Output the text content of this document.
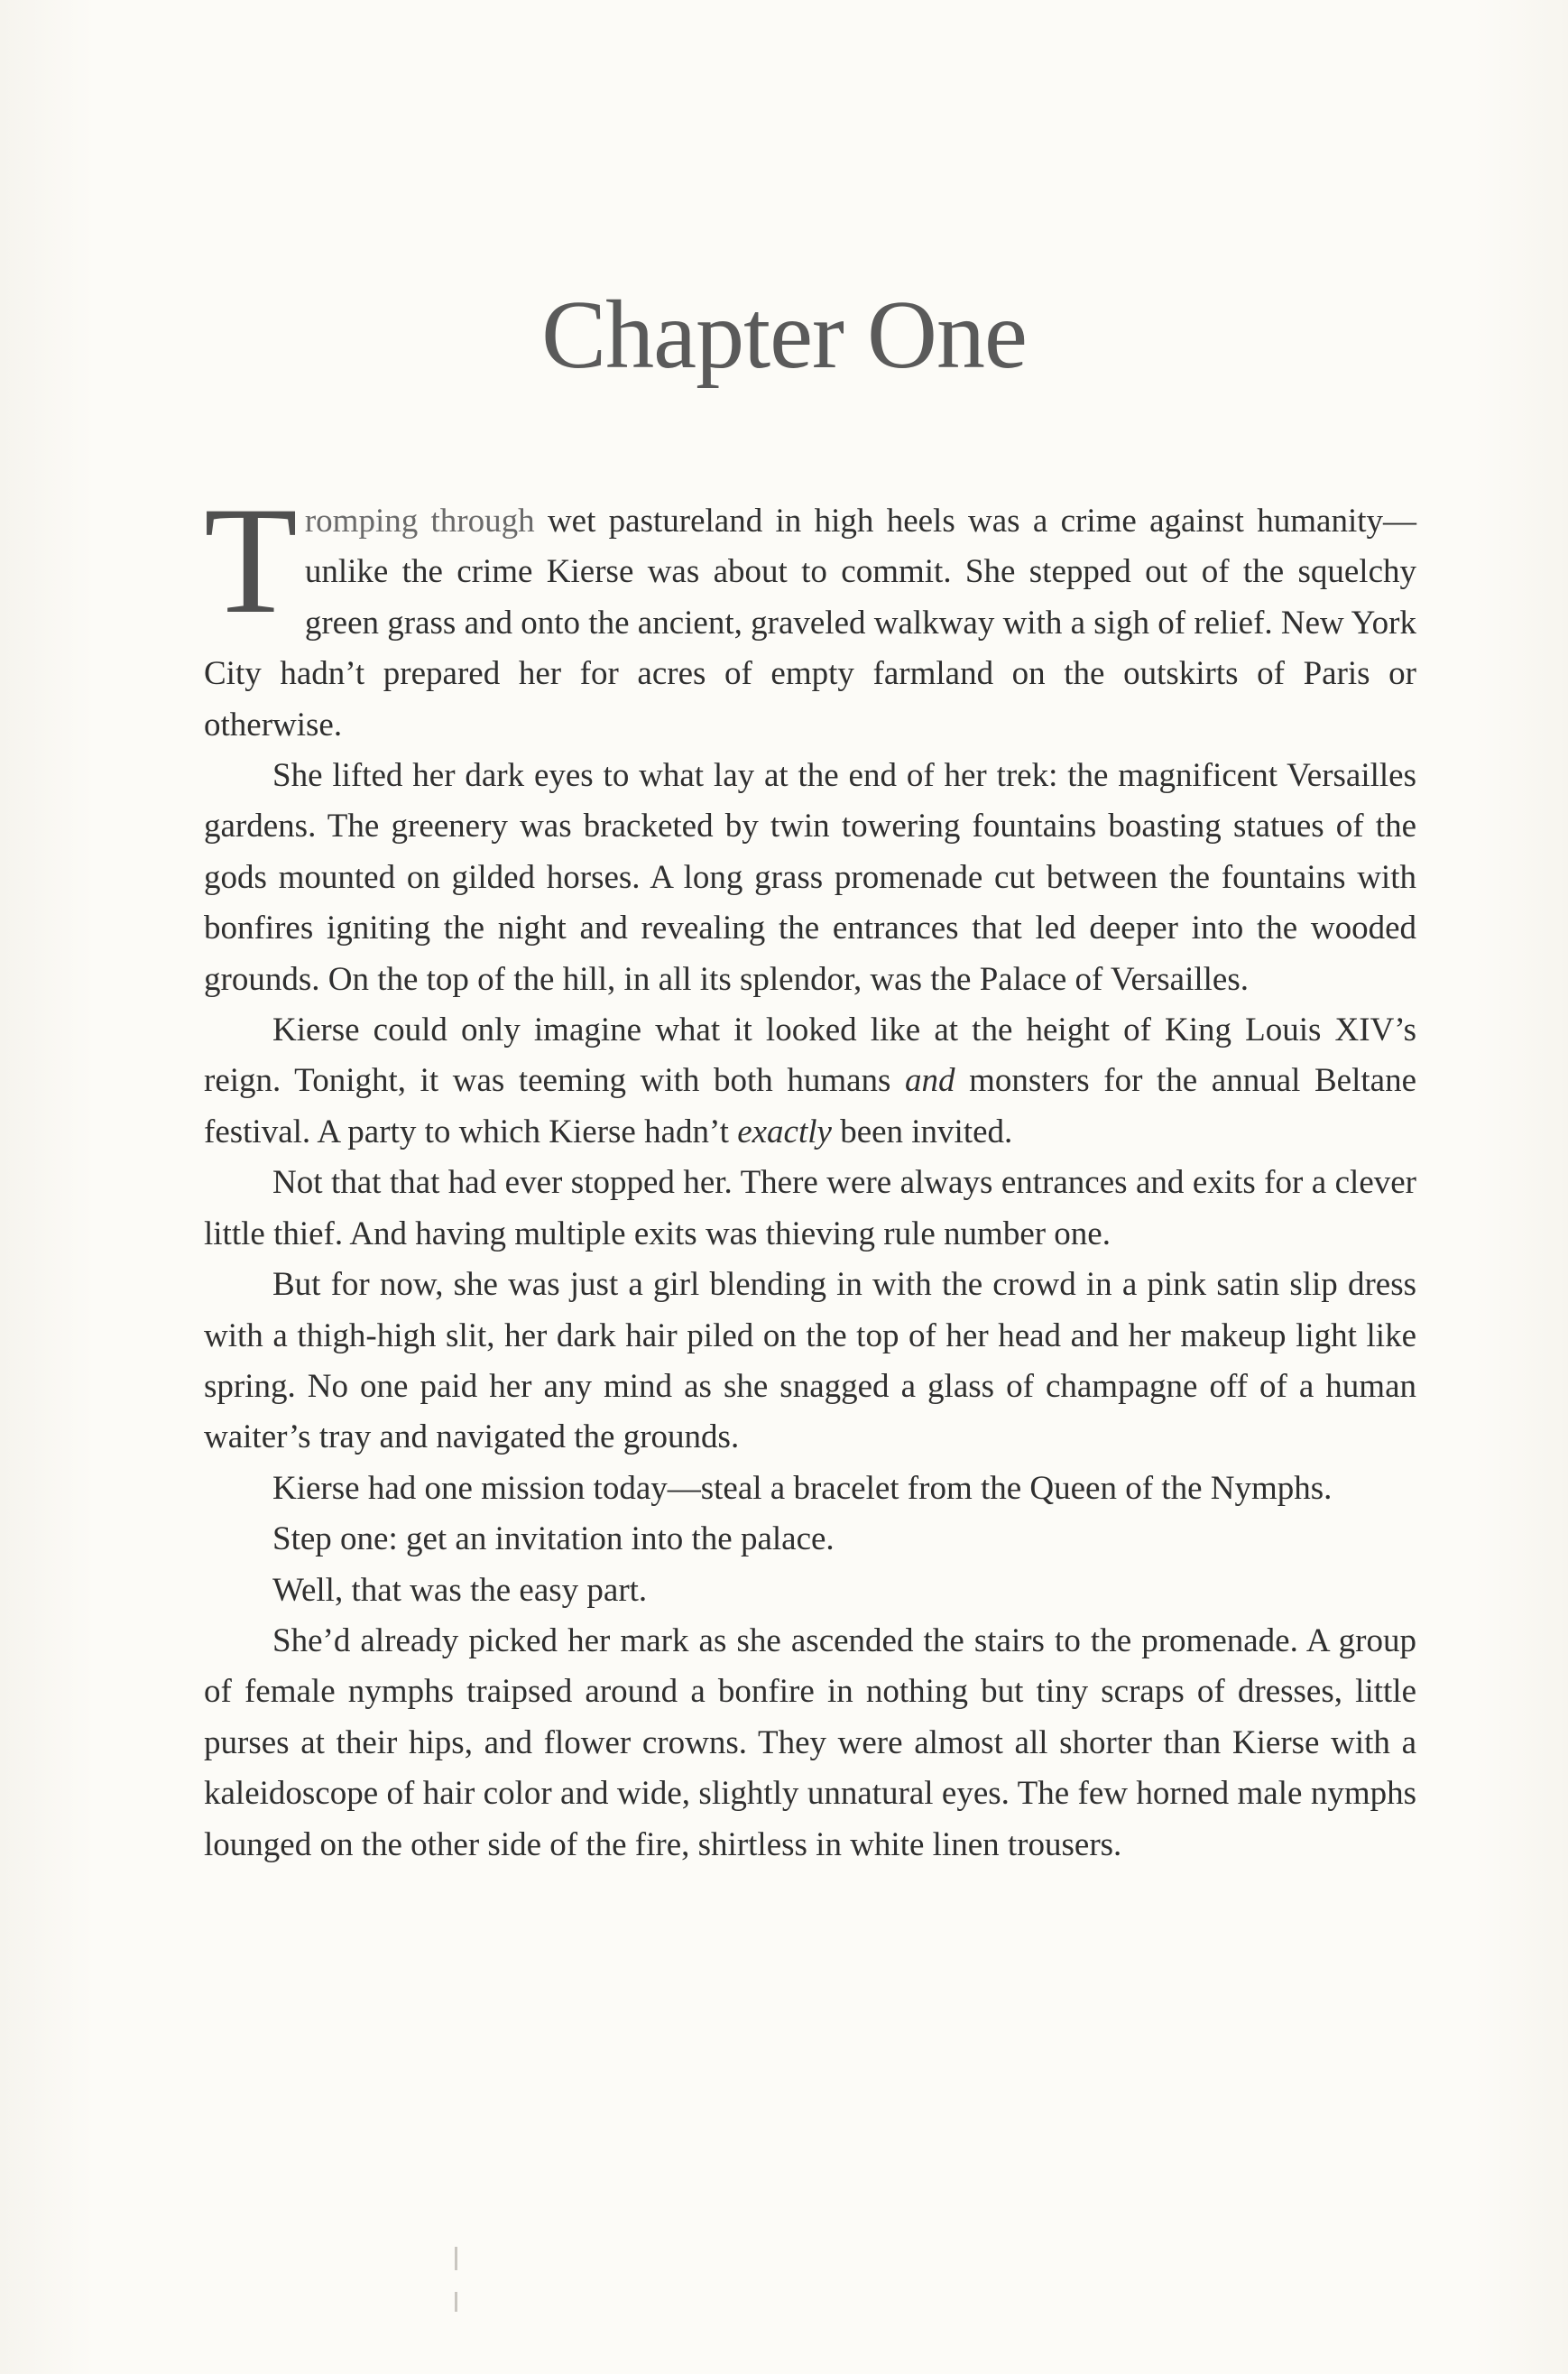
Chapter One

Tromping through wet pastureland in high heels was a crime against humanity—unlike the crime Kierse was about to commit. She stepped out of the squelchy green grass and onto the ancient, graveled walkway with a sigh of relief. New York City hadn’t prepared her for acres of empty farmland on the outskirts of Paris or otherwise.

She lifted her dark eyes to what lay at the end of her trek: the magnificent Versailles gardens. The greenery was bracketed by twin towering fountains boasting statues of the gods mounted on gilded horses. A long grass promenade cut between the fountains with bonfires igniting the night and revealing the entrances that led deeper into the wooded grounds. On the top of the hill, in all its splendor, was the Palace of Versailles.

Kierse could only imagine what it looked like at the height of King Louis XIV’s reign. Tonight, it was teeming with both humans and monsters for the annual Beltane festival. A party to which Kierse hadn’t exactly been invited.

Not that that had ever stopped her. There were always entrances and exits for a clever little thief. And having multiple exits was thieving rule number one.

But for now, she was just a girl blending in with the crowd in a pink satin slip dress with a thigh-high slit, her dark hair piled on the top of her head and her makeup light like spring. No one paid her any mind as she snagged a glass of champagne off of a human waiter’s tray and navigated the grounds.

Kierse had one mission today—steal a bracelet from the Queen of the Nymphs.

Step one: get an invitation into the palace.

Well, that was the easy part.

She’d already picked her mark as she ascended the stairs to the promenade. A group of female nymphs traipsed around a bonfire in nothing but tiny scraps of dresses, little purses at their hips, and flower crowns. They were almost all shorter than Kierse with a kaleidoscope of hair color and wide, slightly unnatural eyes. The few horned male nymphs lounged on the other side of the fire, shirtless in white linen trousers.
